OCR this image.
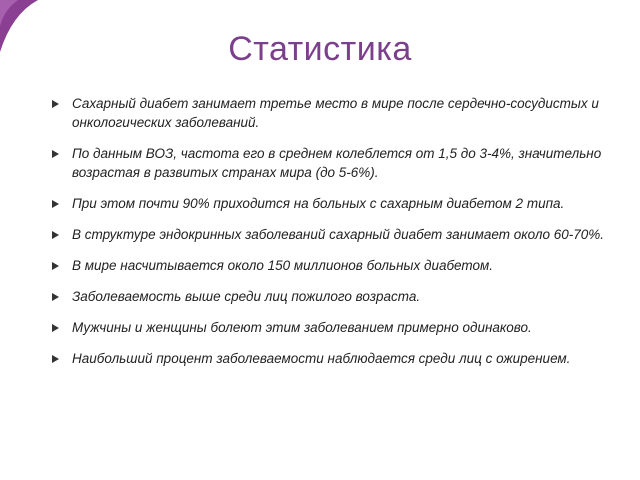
Статистика
Сахарный диабет занимает третье место в мире после сердечно-сосудистых и онкологических заболеваний.
По данным ВОЗ, частота его в среднем колеблется от 1,5 до 3-4%, значительно возрастая в развитых странах мира (до 5-6%).
При этом почти 90% приходится на больных с сахарным диабетом 2 типа.
В структуре эндокринных заболеваний сахарный диабет занимает около 60-70%.
В мире насчитывается около 150 миллионов больных диабетом.
Заболеваемость выше среди лиц пожилого возраста.
Мужчины и женщины болеют этим заболеванием примерно одинаково.
Наибольший процент заболеваемости наблюдается среди лиц с ожирением.
